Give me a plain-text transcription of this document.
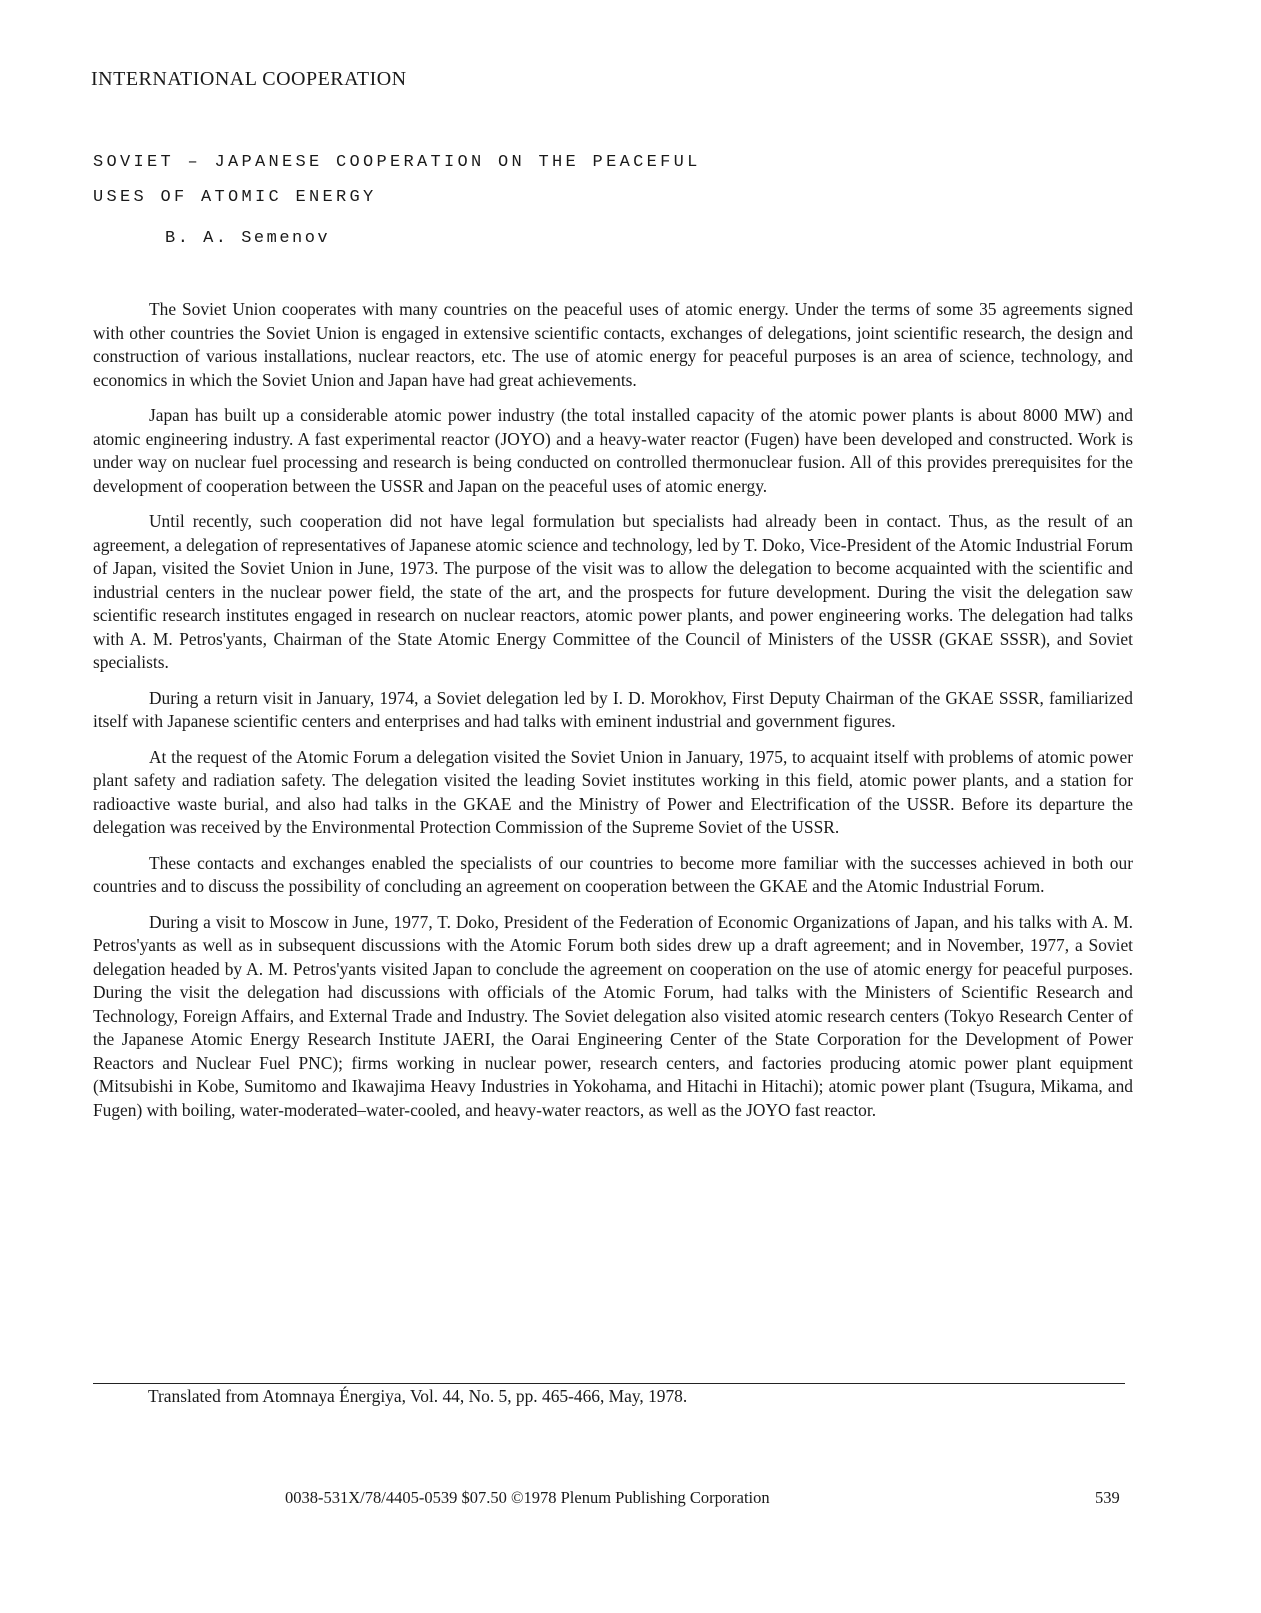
INTERNATIONAL COOPERATION
SOVIET – JAPANESE COOPERATION ON THE PEACEFUL
USES OF ATOMIC ENERGY

B. A. Semenov

The Soviet Union cooperates with many countries on the peaceful uses of atomic energy. Under the terms of some 35 agreements signed with other countries the Soviet Union is engaged in extensive scientific contacts, exchanges of delegations, joint scientific research, the design and construction of various installations, nuclear reactors, etc. The use of atomic energy for peaceful purposes is an area of science, technology, and economics in which the Soviet Union and Japan have had great achievements.

Japan has built up a considerable atomic power industry (the total installed capacity of the atomic power plants is about 8000 MW) and atomic engineering industry. A fast experimental reactor (JOYO) and a heavy-water reactor (Fugen) have been developed and constructed. Work is under way on nuclear fuel processing and research is being conducted on controlled thermonuclear fusion. All of this provides prerequisites for the development of cooperation between the USSR and Japan on the peaceful uses of atomic energy.

Until recently, such cooperation did not have legal formulation but specialists had already been in contact. Thus, as the result of an agreement, a delegation of representatives of Japanese atomic science and technology, led by T. Doko, Vice-President of the Atomic Industrial Forum of Japan, visited the Soviet Union in June, 1973. The purpose of the visit was to allow the delegation to become acquainted with the scientific and industrial centers in the nuclear power field, the state of the art, and the prospects for future development. During the visit the delegation saw scientific research institutes engaged in research on nuclear reactors, atomic power plants, and power engineering works. The delegation had talks with A. M. Petros'yants, Chairman of the State Atomic Energy Committee of the Council of Ministers of the USSR (GKAE SSSR), and Soviet specialists.

During a return visit in January, 1974, a Soviet delegation led by I. D. Morokhov, First Deputy Chairman of the GKAE SSSR, familiarized itself with Japanese scientific centers and enterprises and had talks with eminent industrial and government figures.

At the request of the Atomic Forum a delegation visited the Soviet Union in January, 1975, to acquaint itself with problems of atomic power plant safety and radiation safety. The delegation visited the leading Soviet institutes working in this field, atomic power plants, and a station for radioactive waste burial, and also had talks in the GKAE and the Ministry of Power and Electrification of the USSR. Before its departure the delegation was received by the Environmental Protection Commission of the Supreme Soviet of the USSR.

These contacts and exchanges enabled the specialists of our countries to become more familiar with the successes achieved in both our countries and to discuss the possibility of concluding an agreement on cooperation between the GKAE and the Atomic Industrial Forum.

During a visit to Moscow in June, 1977, T. Doko, President of the Federation of Economic Organizations of Japan, and his talks with A. M. Petros'yants as well as in subsequent discussions with the Atomic Forum both sides drew up a draft agreement; and in November, 1977, a Soviet delegation headed by A. M. Petros'yants visited Japan to conclude the agreement on cooperation on the use of atomic energy for peaceful purposes. During the visit the delegation had discussions with officials of the Atomic Forum, had talks with the Ministers of Scientific Research and Technology, Foreign Affairs, and External Trade and Industry. The Soviet delegation also visited atomic research centers (Tokyo Research Center of the Japanese Atomic Energy Research Institute JAERI, the Oarai Engineering Center of the State Corporation for the Development of Power Reactors and Nuclear Fuel PNC); firms working in nuclear power, research centers, and factories producing atomic power plant equipment (Mitsubishi in Kobe, Sumitomo and Ikawajima Heavy Industries in Yokohama, and Hitachi in Hitachi); atomic power plant (Tsugura, Mikama, and Fugen) with boiling, water-moderated–water-cooled, and heavy-water reactors, as well as the JOYO fast reactor.

Translated from Atomnaya Énergiya, Vol. 44, No. 5, pp. 465-466, May, 1978.

0038-531X/78/4405-0539 $07.50 ©1978 Plenum Publishing Corporation	539
